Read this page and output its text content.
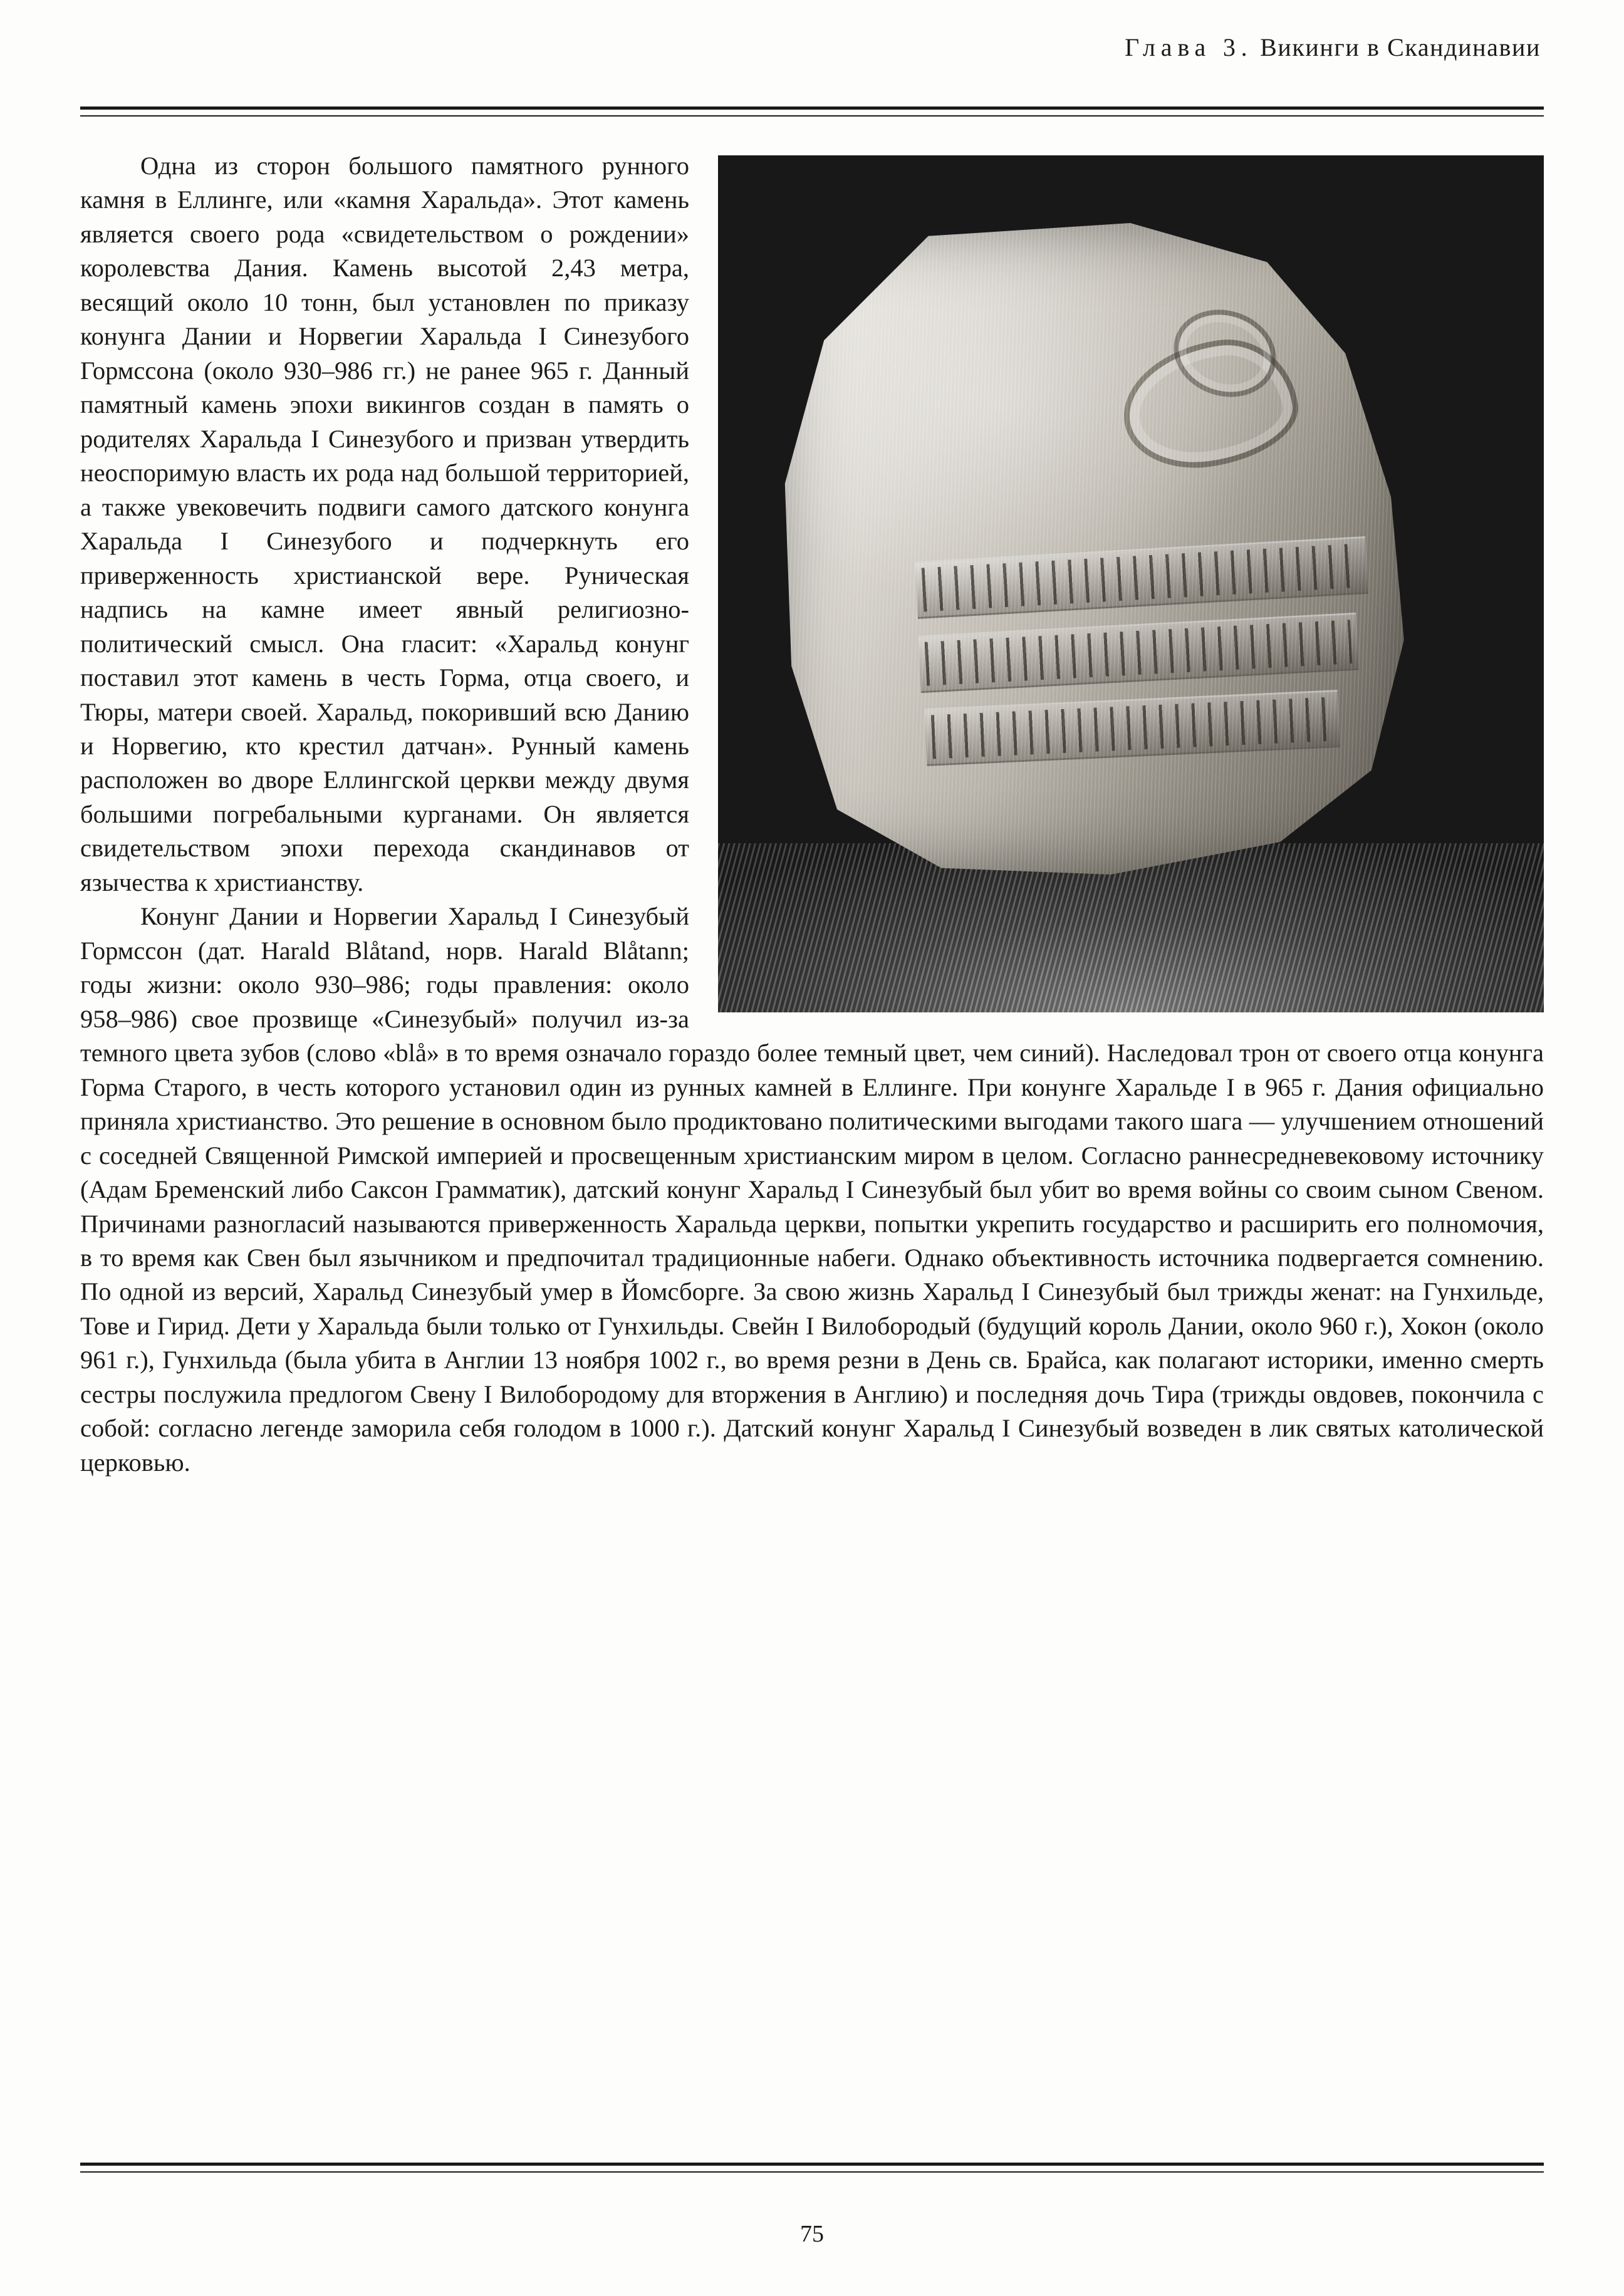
Глава 3. Викинги в Скандинавии

Одна из сторон большого памятного рунного камня в Еллинге, или «камня Харальда». Этот камень является своего рода «свидетельством о рождении» королевства Дания. Камень высотой 2,43 метра, весящий около 10 тонн, был установлен по приказу конунга Дании и Норвегии Харальда I Синезубого Гормссона (около 930–986 гг.) не ранее 965 г. Данный памятный камень эпохи викингов создан в память о родителях Харальда I Синезубого и призван утвердить неоспоримую власть их рода над большой территорией, а также увековечить подвиги самого датского конунга Харальда I Синезубого и подчеркнуть его приверженность христианской вере. Руническая надпись на камне имеет явный религиозно-политический смысл. Она гласит: «Харальд конунг поставил этот камень в честь Горма, отца своего, и Тюры, матери своей. Харальд, покоривший всю Данию и Норвегию, кто крестил датчан». Рунный камень расположен во дворе Еллингской церкви между двумя большими погребальными курганами. Он является свидетельством эпохи перехода скандинавов от язычества к христианству.

Конунг Дании и Норвегии Харальд I Синезубый Гормссон (дат. Harald Blåtand, норв. Harald Blåtann; годы жизни: около 930–986; годы правления: около 958–986) свое прозвище «Синезубый» получил из-за темного цвета зубов (слово «blå» в то время означало гораздо более темный цвет, чем синий). Наследовал трон от своего отца конунга Горма Старого, в честь которого установил один из рунных камней в Еллинге. При конунге Харальде I в 965 г. Дания официально приняла христианство. Это решение в основном было продиктовано политическими выгодами такого шага — улучшением отношений с соседней Священной Римской империей и просвещенным христианским миром в целом. Согласно раннесредневековому источнику (Адам Бременский либо Саксон Грамматик), датский конунг Харальд I Синезубый был убит во время войны со своим сыном Свеном. Причинами разногласий называются приверженность Харальда церкви, попытки укрепить государство и расширить его полномочия, в то время как Свен был язычником и предпочитал традиционные набеги. Однако объективность источника подвергается сомнению. По одной из версий, Харальд Синезубый умер в Йомсборге. За свою жизнь Харальд I Синезубый был трижды женат: на Гунхильде, Тове и Гирид. Дети у Харальда были только от Гунхильды. Свейн I Вилобородый (будущий король Дании, около 960 г.), Хокон (около 961 г.), Гунхильда (была убита в Англии 13 ноября 1002 г., во время резни в День св. Брайса, как полагают историки, именно смерть сестры послужила предлогом Свену I Вилобородому для вторжения в Англию) и последняя дочь Тира (трижды овдовев, покончила с собой: согласно легенде заморила себя голодом в 1000 г.). Датский конунг Харальд I Синезубый возведен в лик святых католической церковью.

75
